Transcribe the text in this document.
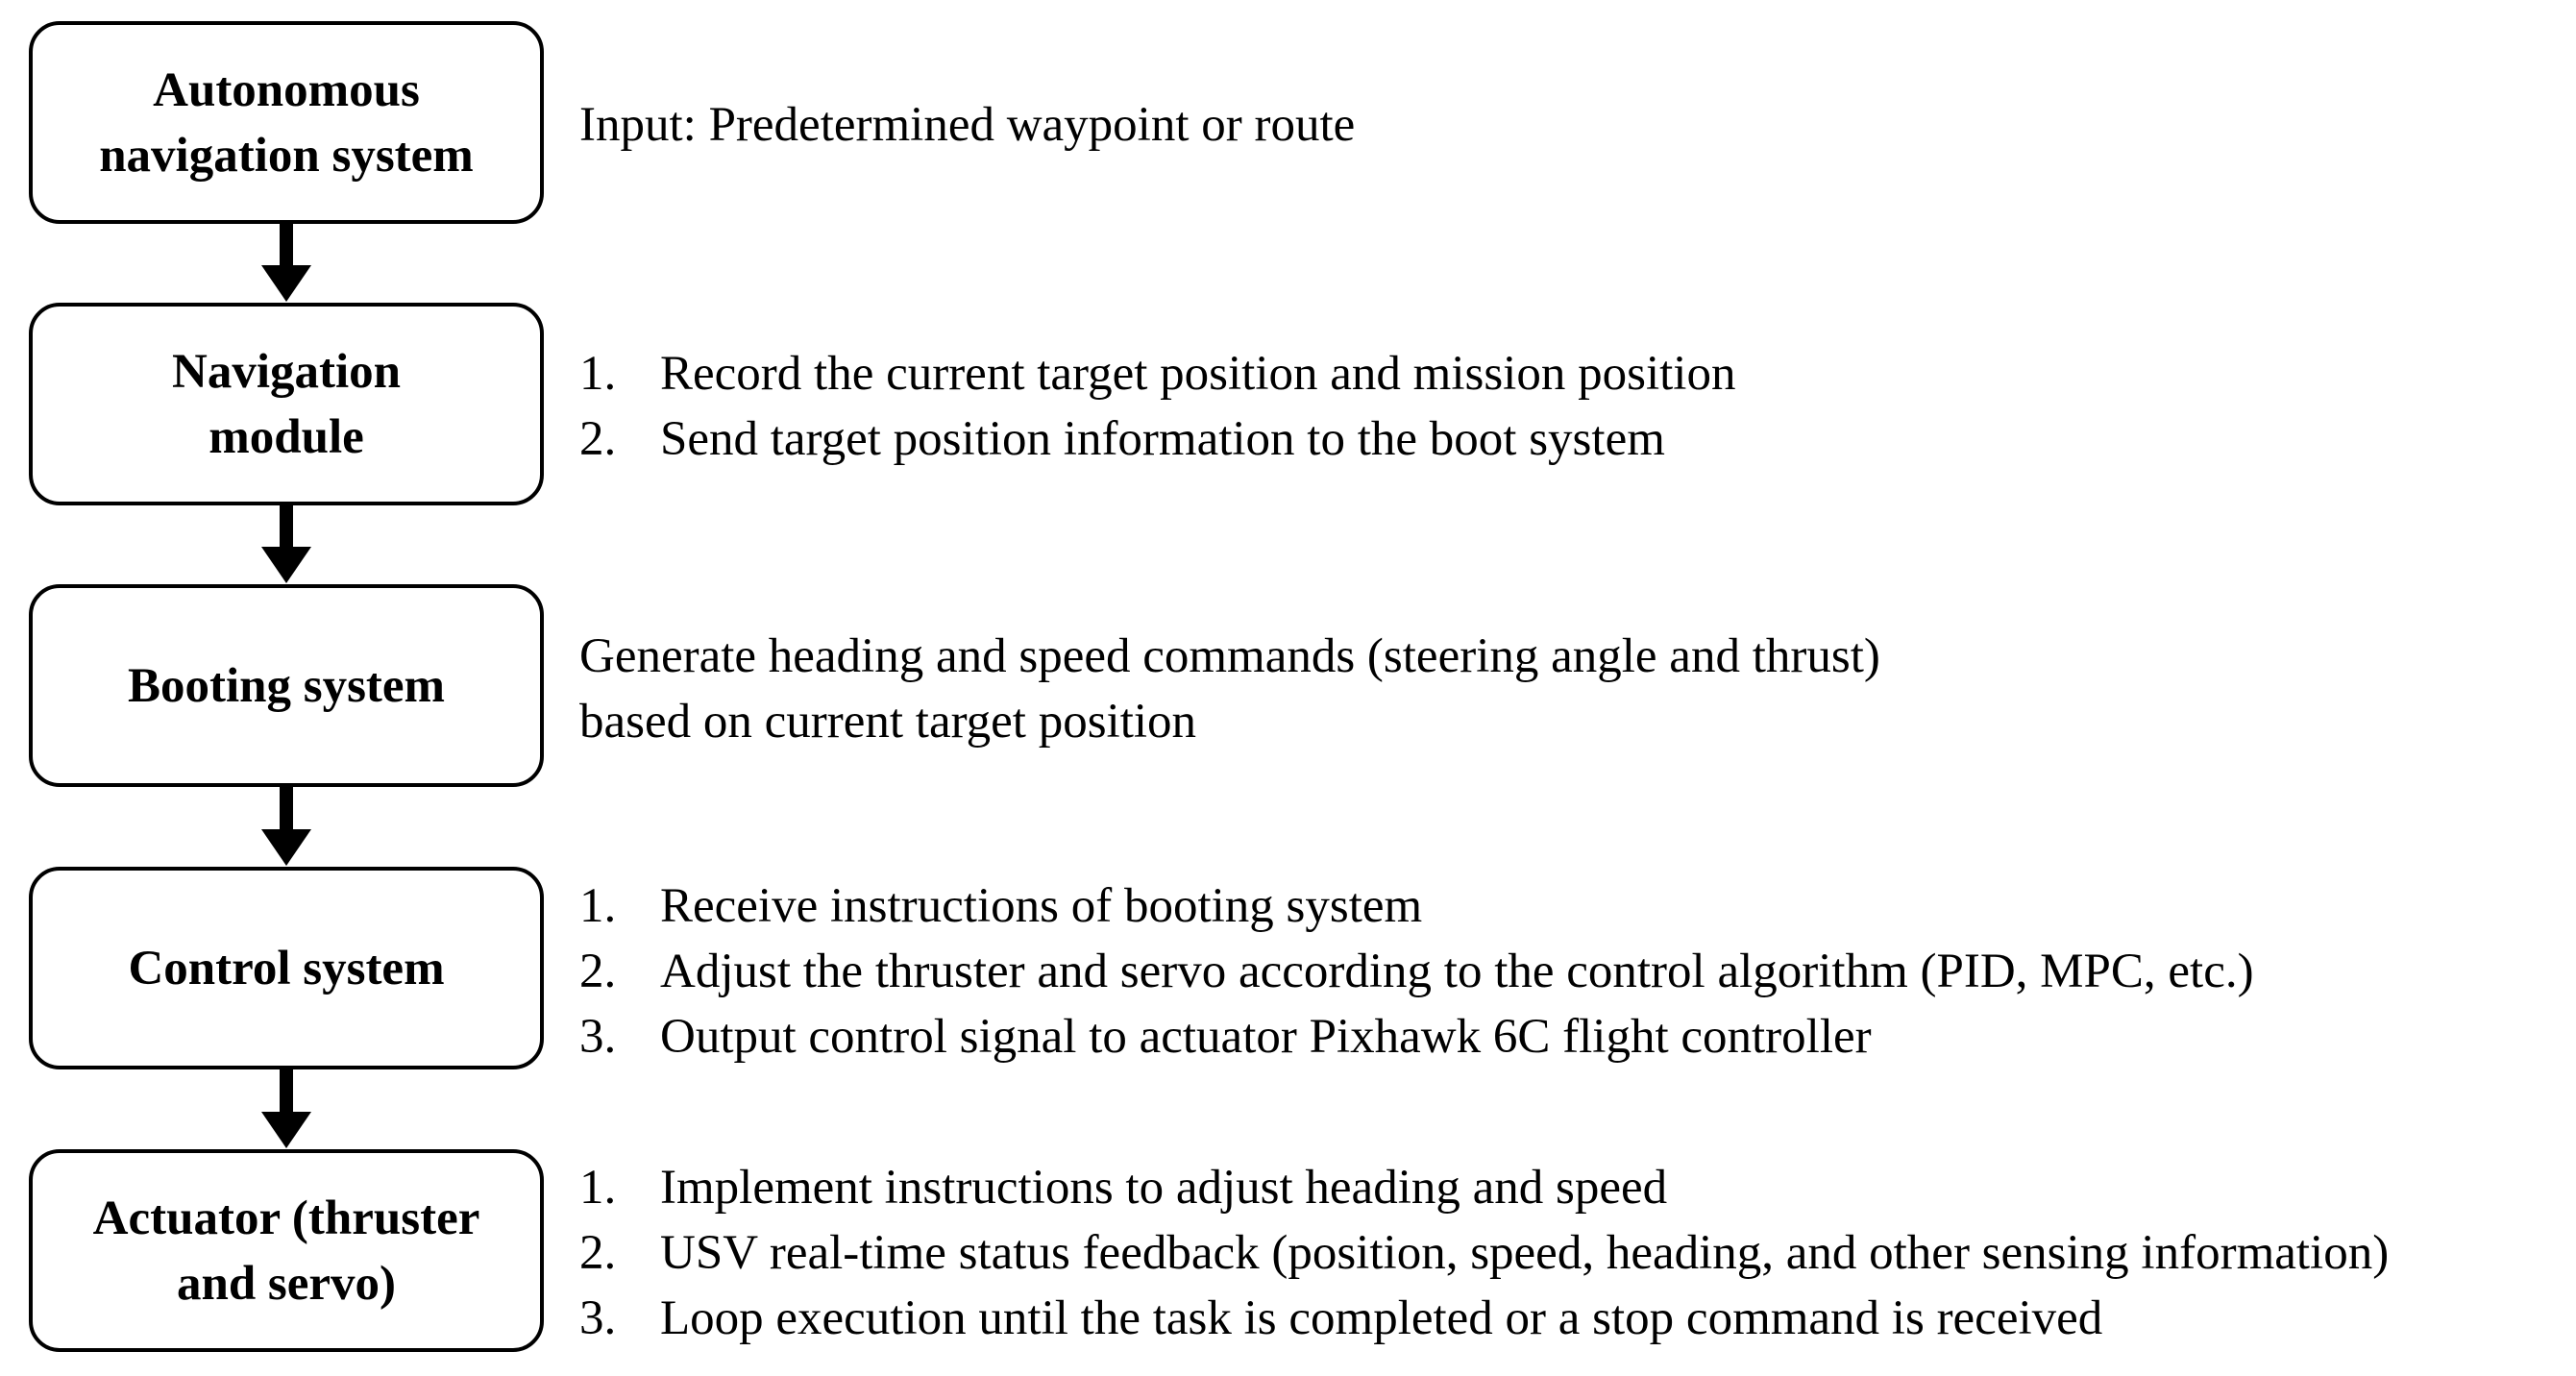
Autonomous
navigation system
Input: Predetermined waypoint or route
Navigation
module
1. Record the current target position and mission position
2. Send target position information to the boot system
Booting system
Generate heading and speed commands (steering angle and thrust)
based on current target position
Control system
1. Receive instructions of booting system
2. Adjust the thruster and servo according to the control algorithm (PID, MPC, etc.)
3. Output control signal to actuator Pixhawk 6C flight controller
Actuator (thruster
and servo)
1. Implement instructions to adjust heading and speed
2. USV real-time status feedback (position, speed, heading, and other sensing information)
3. Loop execution until the task is completed or a stop command is received
